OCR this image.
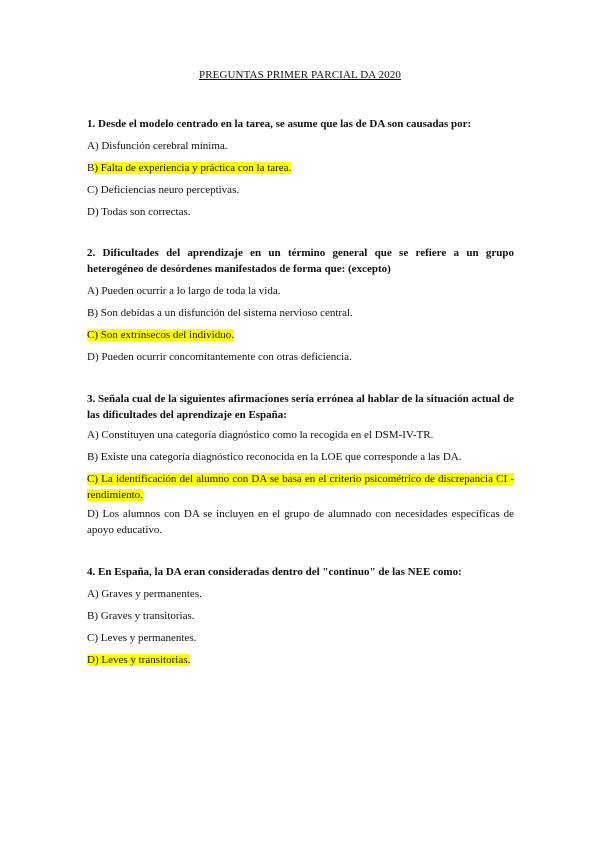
PREGUNTAS PRIMER PARCIAL DA 2020
1. Desde el modelo centrado en la tarea, se asume que las de DA son causadas por:
A) Disfunción cerebral mínima.
B) Falta de experiencia y práctica con la tarea.
C) Deficiencias neuro perceptivas.
D) Todas son correctas.
2. Dificultades del aprendizaje en un término general que se refiere a un grupo heterogéneo de desórdenes manifestados de forma que: (excepto)
A) Pueden ocurrir a lo largo de toda la vida.
B) Son debidas a un disfunción del sistema nervioso central.
C) Son extrínsecos del individuo.
D) Pueden ocurrir concomitantemente con otras deficiencia.
3. Señala cual de la siguientes afirmaciones sería errónea al hablar de la situación actual de las dificultades del aprendizaje en España:
A) Constituyen una categoría diagnóstico como la recogida en el DSM-IV-TR.
B) Existe una categoría diagnóstico reconocida en la LOE que corresponde a las DA.
C) La identificación del alumno con DA se basa en el criterio psicométrico de discrepancia CI -rendimiento.
D) Los alumnos con DA se incluyen en el grupo de alumnado con necesidades específicas de apoyo educativo.
4. En España, la DA eran consideradas dentro del "continuo" de las NEE como:
A) Graves y permanentes.
B) Graves y transitorias.
C) Leves y permanentes.
D) Leves y transitorias.
